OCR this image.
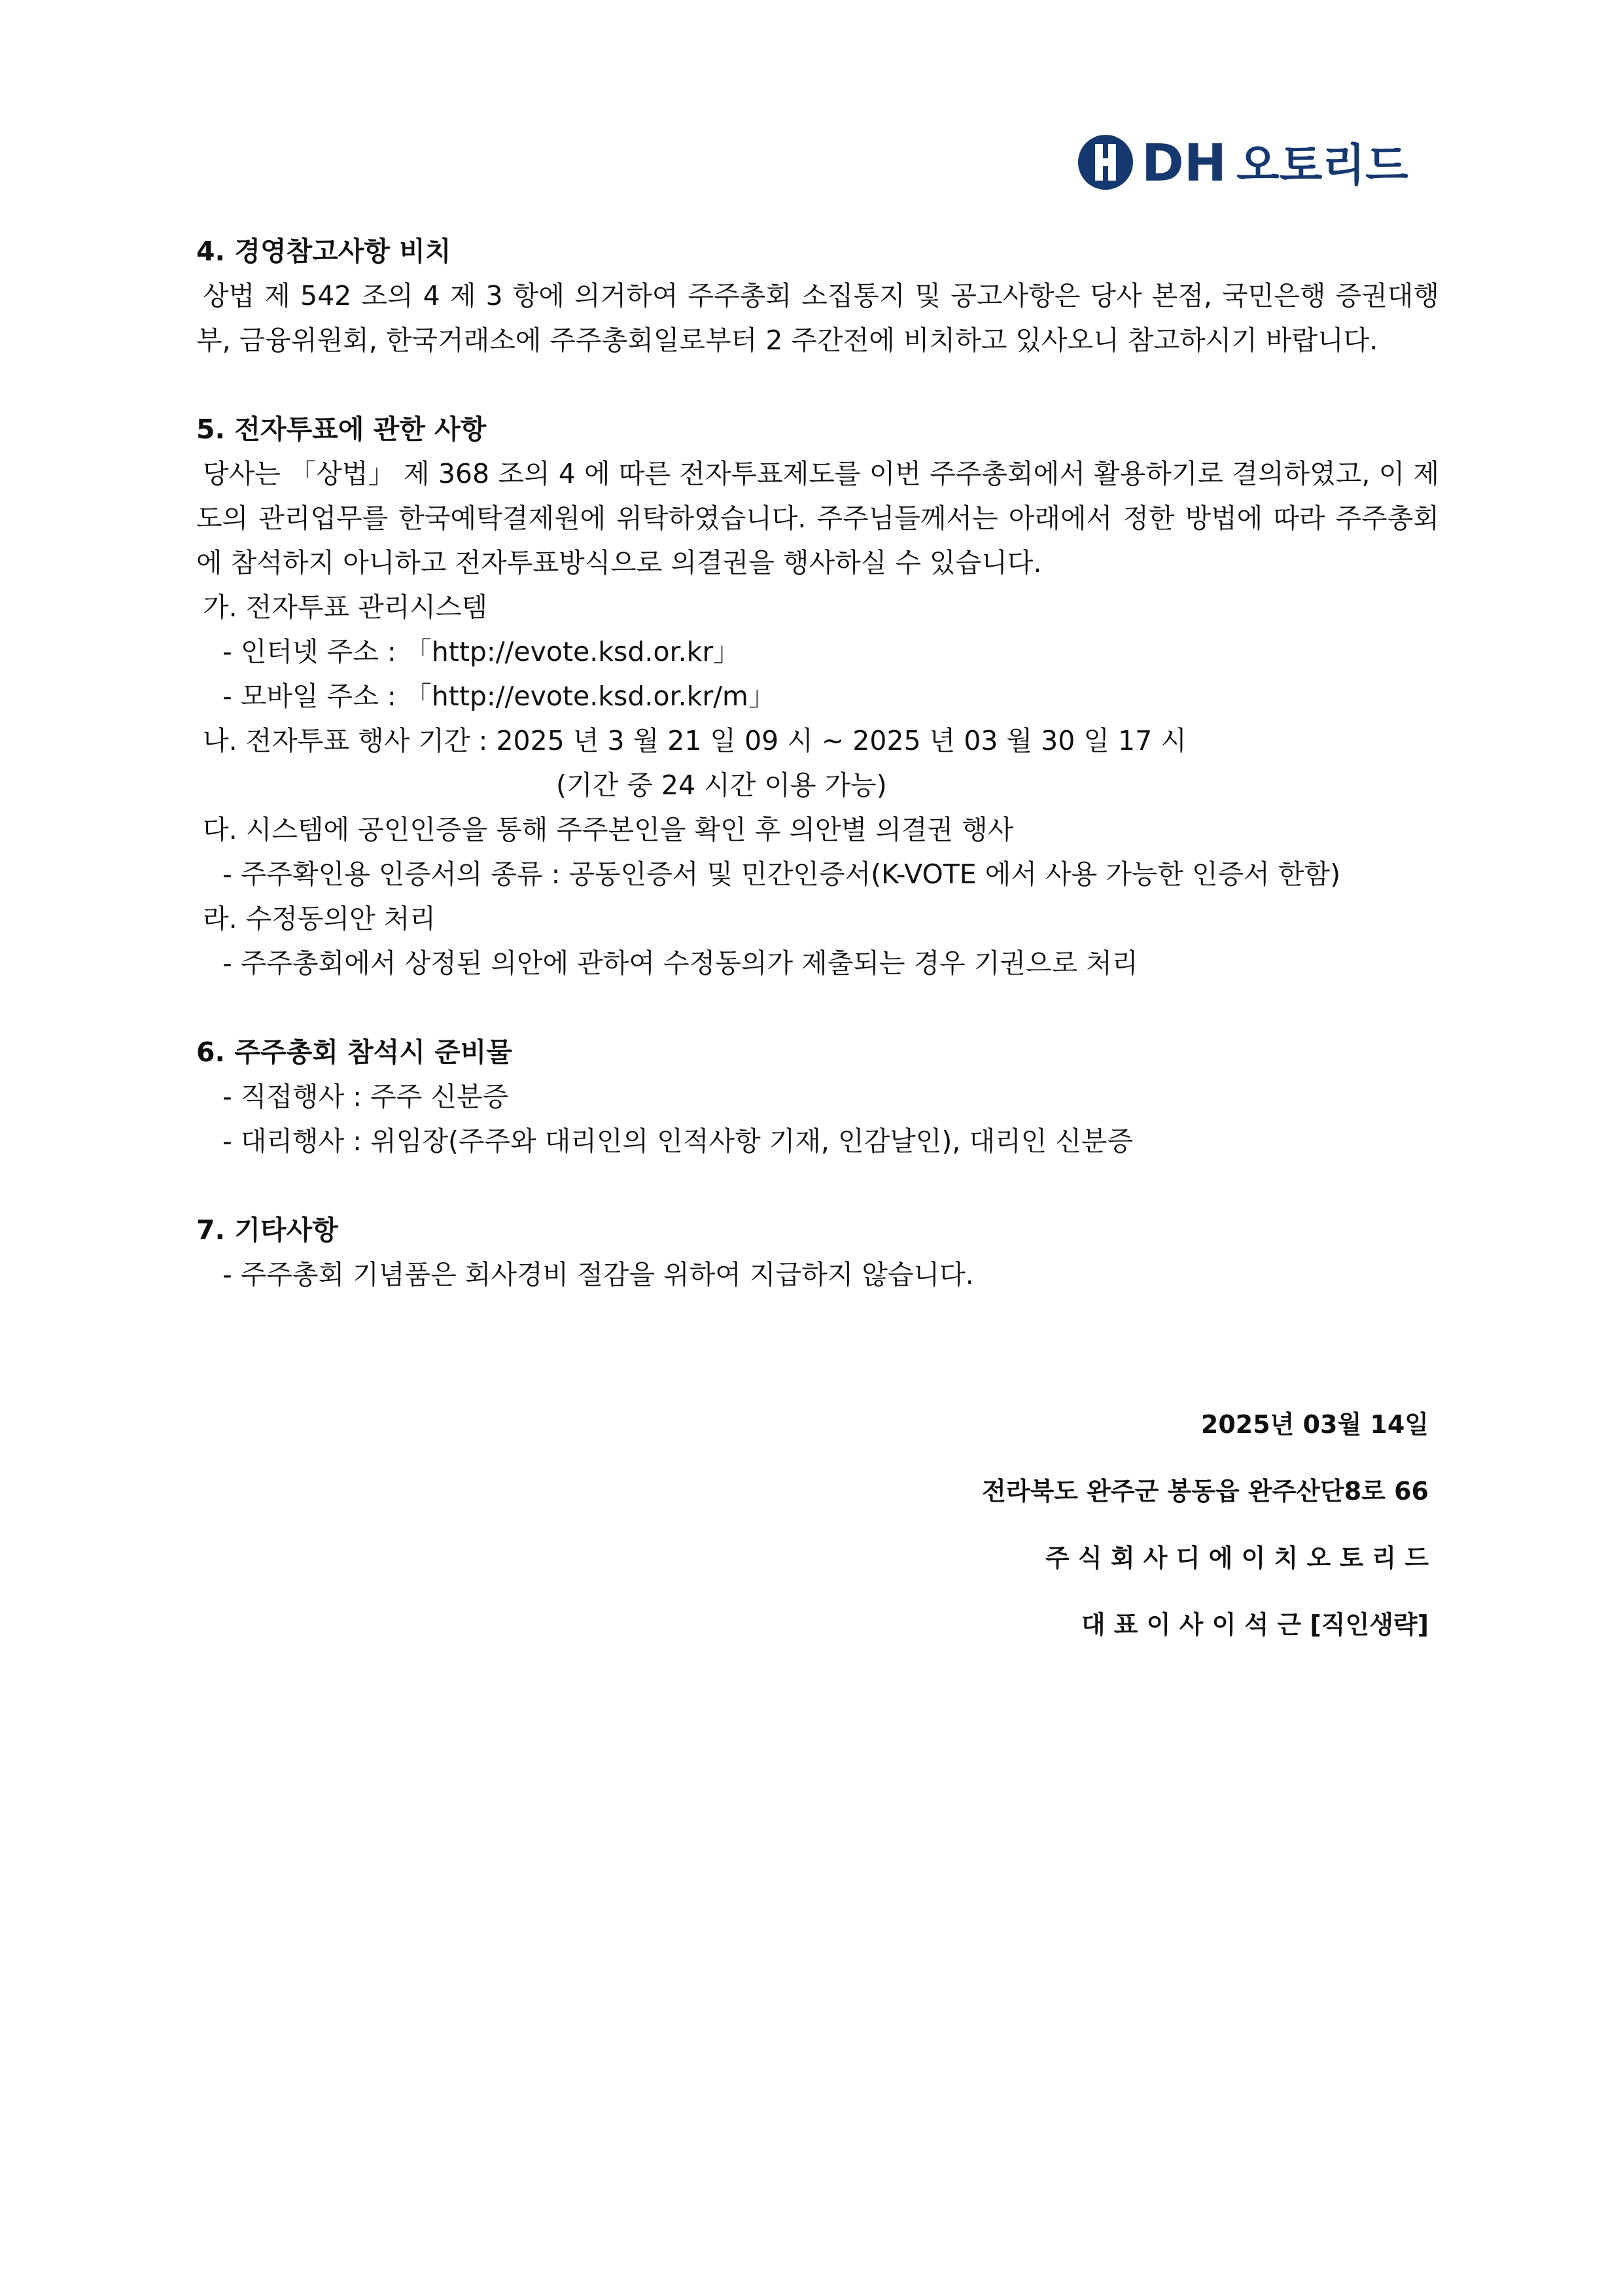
DH 오토리드

4. 경영참고사항 비치

상법 제 542 조의 4 제 3 항에 의거하여 주주총회 소집통지 및 공고사항은 당사 본점, 국민은행 증권대행부, 금융위원회, 한국거래소에 주주총회일로부터 2 주간전에 비치하고 있사오니 참고하시기 바랍니다.

5. 전자투표에 관한 사항

당사는 「상법」 제 368 조의 4 에 따른 전자투표제도를 이번 주주총회에서 활용하기로 결의하였고, 이 제도의 관리업무를 한국예탁결제원에 위탁하였습니다. 주주님들께서는 아래에서 정한 방법에 따라 주주총회에 참석하지 아니하고 전자투표방식으로 의결권을 행사하실 수 있습니다.

가. 전자투표 관리시스템

- 인터넷 주소 : 「http://evote.ksd.or.kr」

- 모바일 주소 : 「http://evote.ksd.or.kr/m」

나. 전자투표 행사 기간 : 2025 년 3 월 21 일 09 시 ~ 2025 년 03 월 30 일 17 시

(기간 중 24 시간 이용 가능)

다. 시스템에 공인인증을 통해 주주본인을 확인 후 의안별 의결권 행사

- 주주확인용 인증서의 종류 : 공동인증서 및 민간인증서(K-VOTE 에서 사용 가능한 인증서 한함)

라. 수정동의안 처리

- 주주총회에서 상정된 의안에 관하여 수정동의가 제출되는 경우 기권으로 처리

6. 주주총회 참석시 준비물

- 직접행사 : 주주 신분증

- 대리행사 : 위임장(주주와 대리인의 인적사항 기재, 인감날인), 대리인 신분증

7. 기타사항

- 주주총회 기념품은 회사경비 절감을 위하여 지급하지 않습니다.

2025년 03월 14일
전라북도 완주군 봉동읍 완주산단8로 66
주 식 회 사 디 에 이 치 오 토 리 드
대 표 이 사 이 석 근 [직인생략]
